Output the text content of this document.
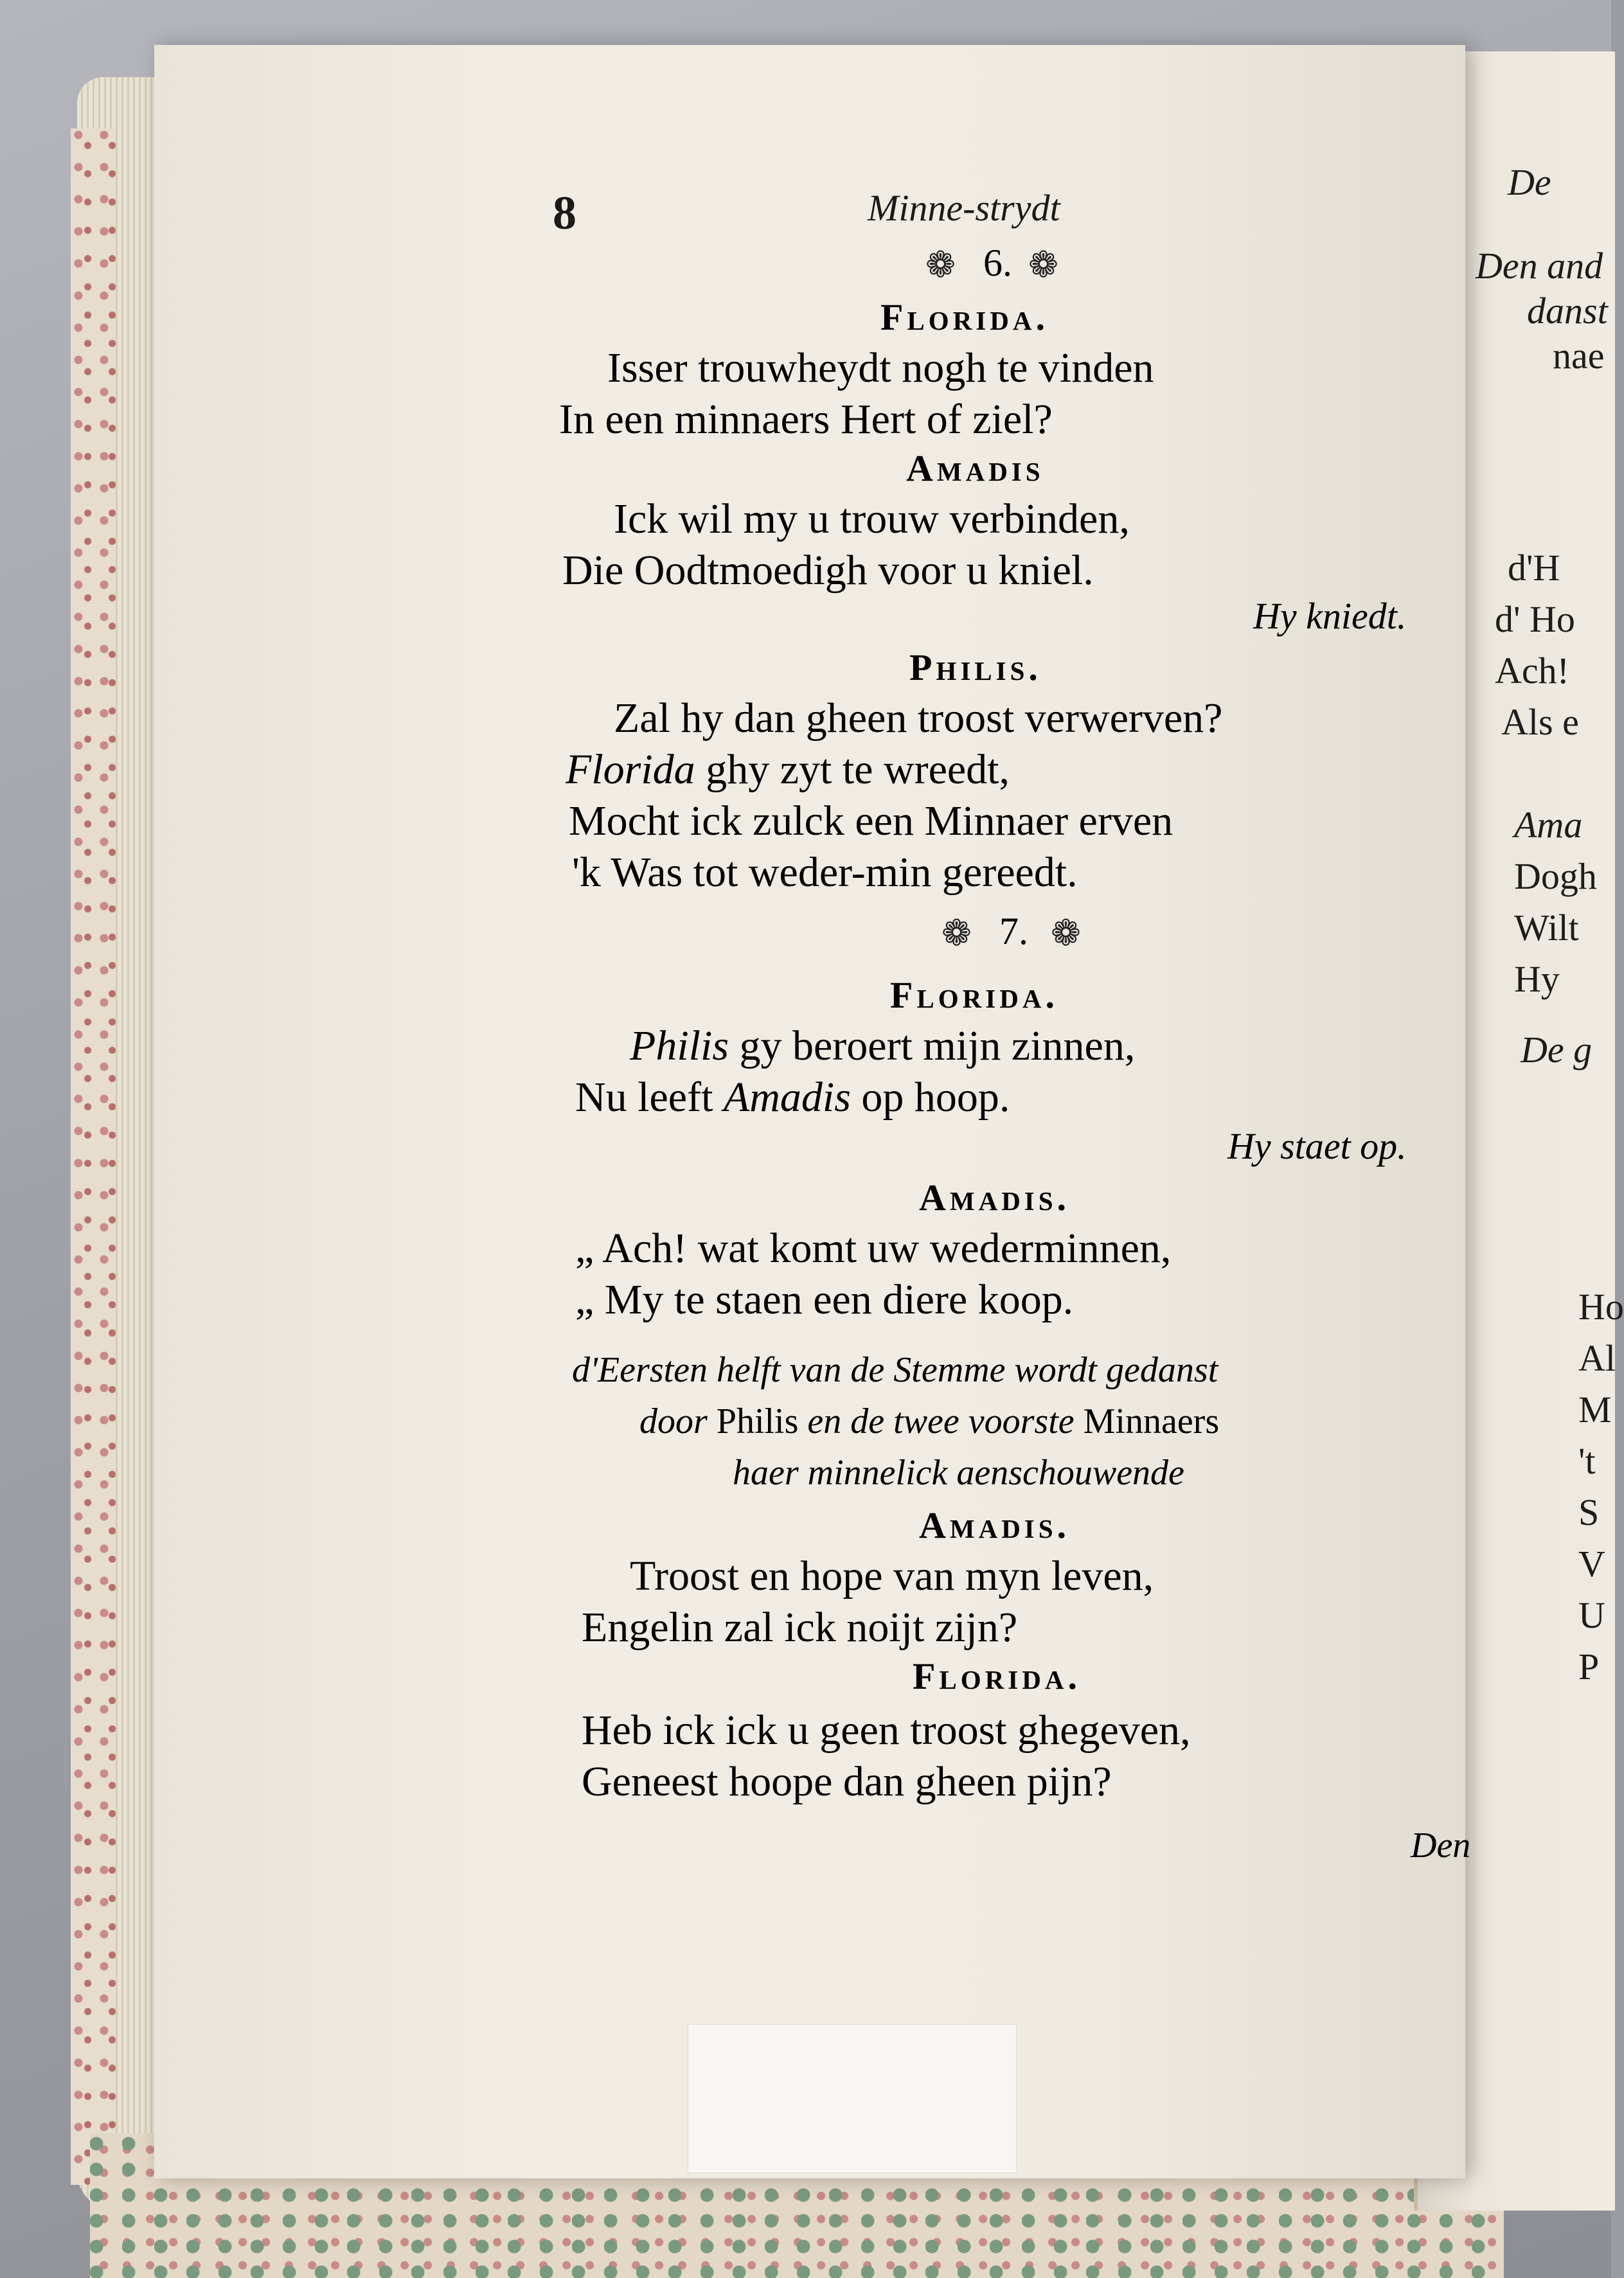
De
Den and
danst
nae
d'H
d' Ho
Ach!
Als e
Ama
Dogh
Wilt
Hy
De g
Ho
Al
M
't
S
V
U
P
8	Minne-strydt
❁ 6. ❁
Florida.
Isser trouwheydt nogh te vinden
In een minnaers Hert of ziel?
Amadis
Ick wil my u trouw verbinden,
Die Oodtmoedigh voor u kniel.
Hy kniedt.
Philis.
Zal hy dan gheen troost verwerven?
Florida ghy zyt te wreedt,
Mocht ick zulck een Minnaer erven
'k Was tot weder-min gereedt.
❁ 7. ❁
Florida.
Philis gy beroert mijn zinnen,
Nu leeft Amadis op hoop.
Hy staet op.
Amadis.
„ Ach! wat komt uw wederminnen,
„ My te staen een diere koop.
d'Eersten helft van de Stemme wordt gedanst
door Philis en de twee voorste Minnaers
haer minnelick aenschouwende
Amadis.
Troost en hope van myn leven,
Engelin zal ick noijt zijn?
Florida.
Heb ick ick u geen troost ghegeven,
Geneest hoope dan gheen pijn?
Den
